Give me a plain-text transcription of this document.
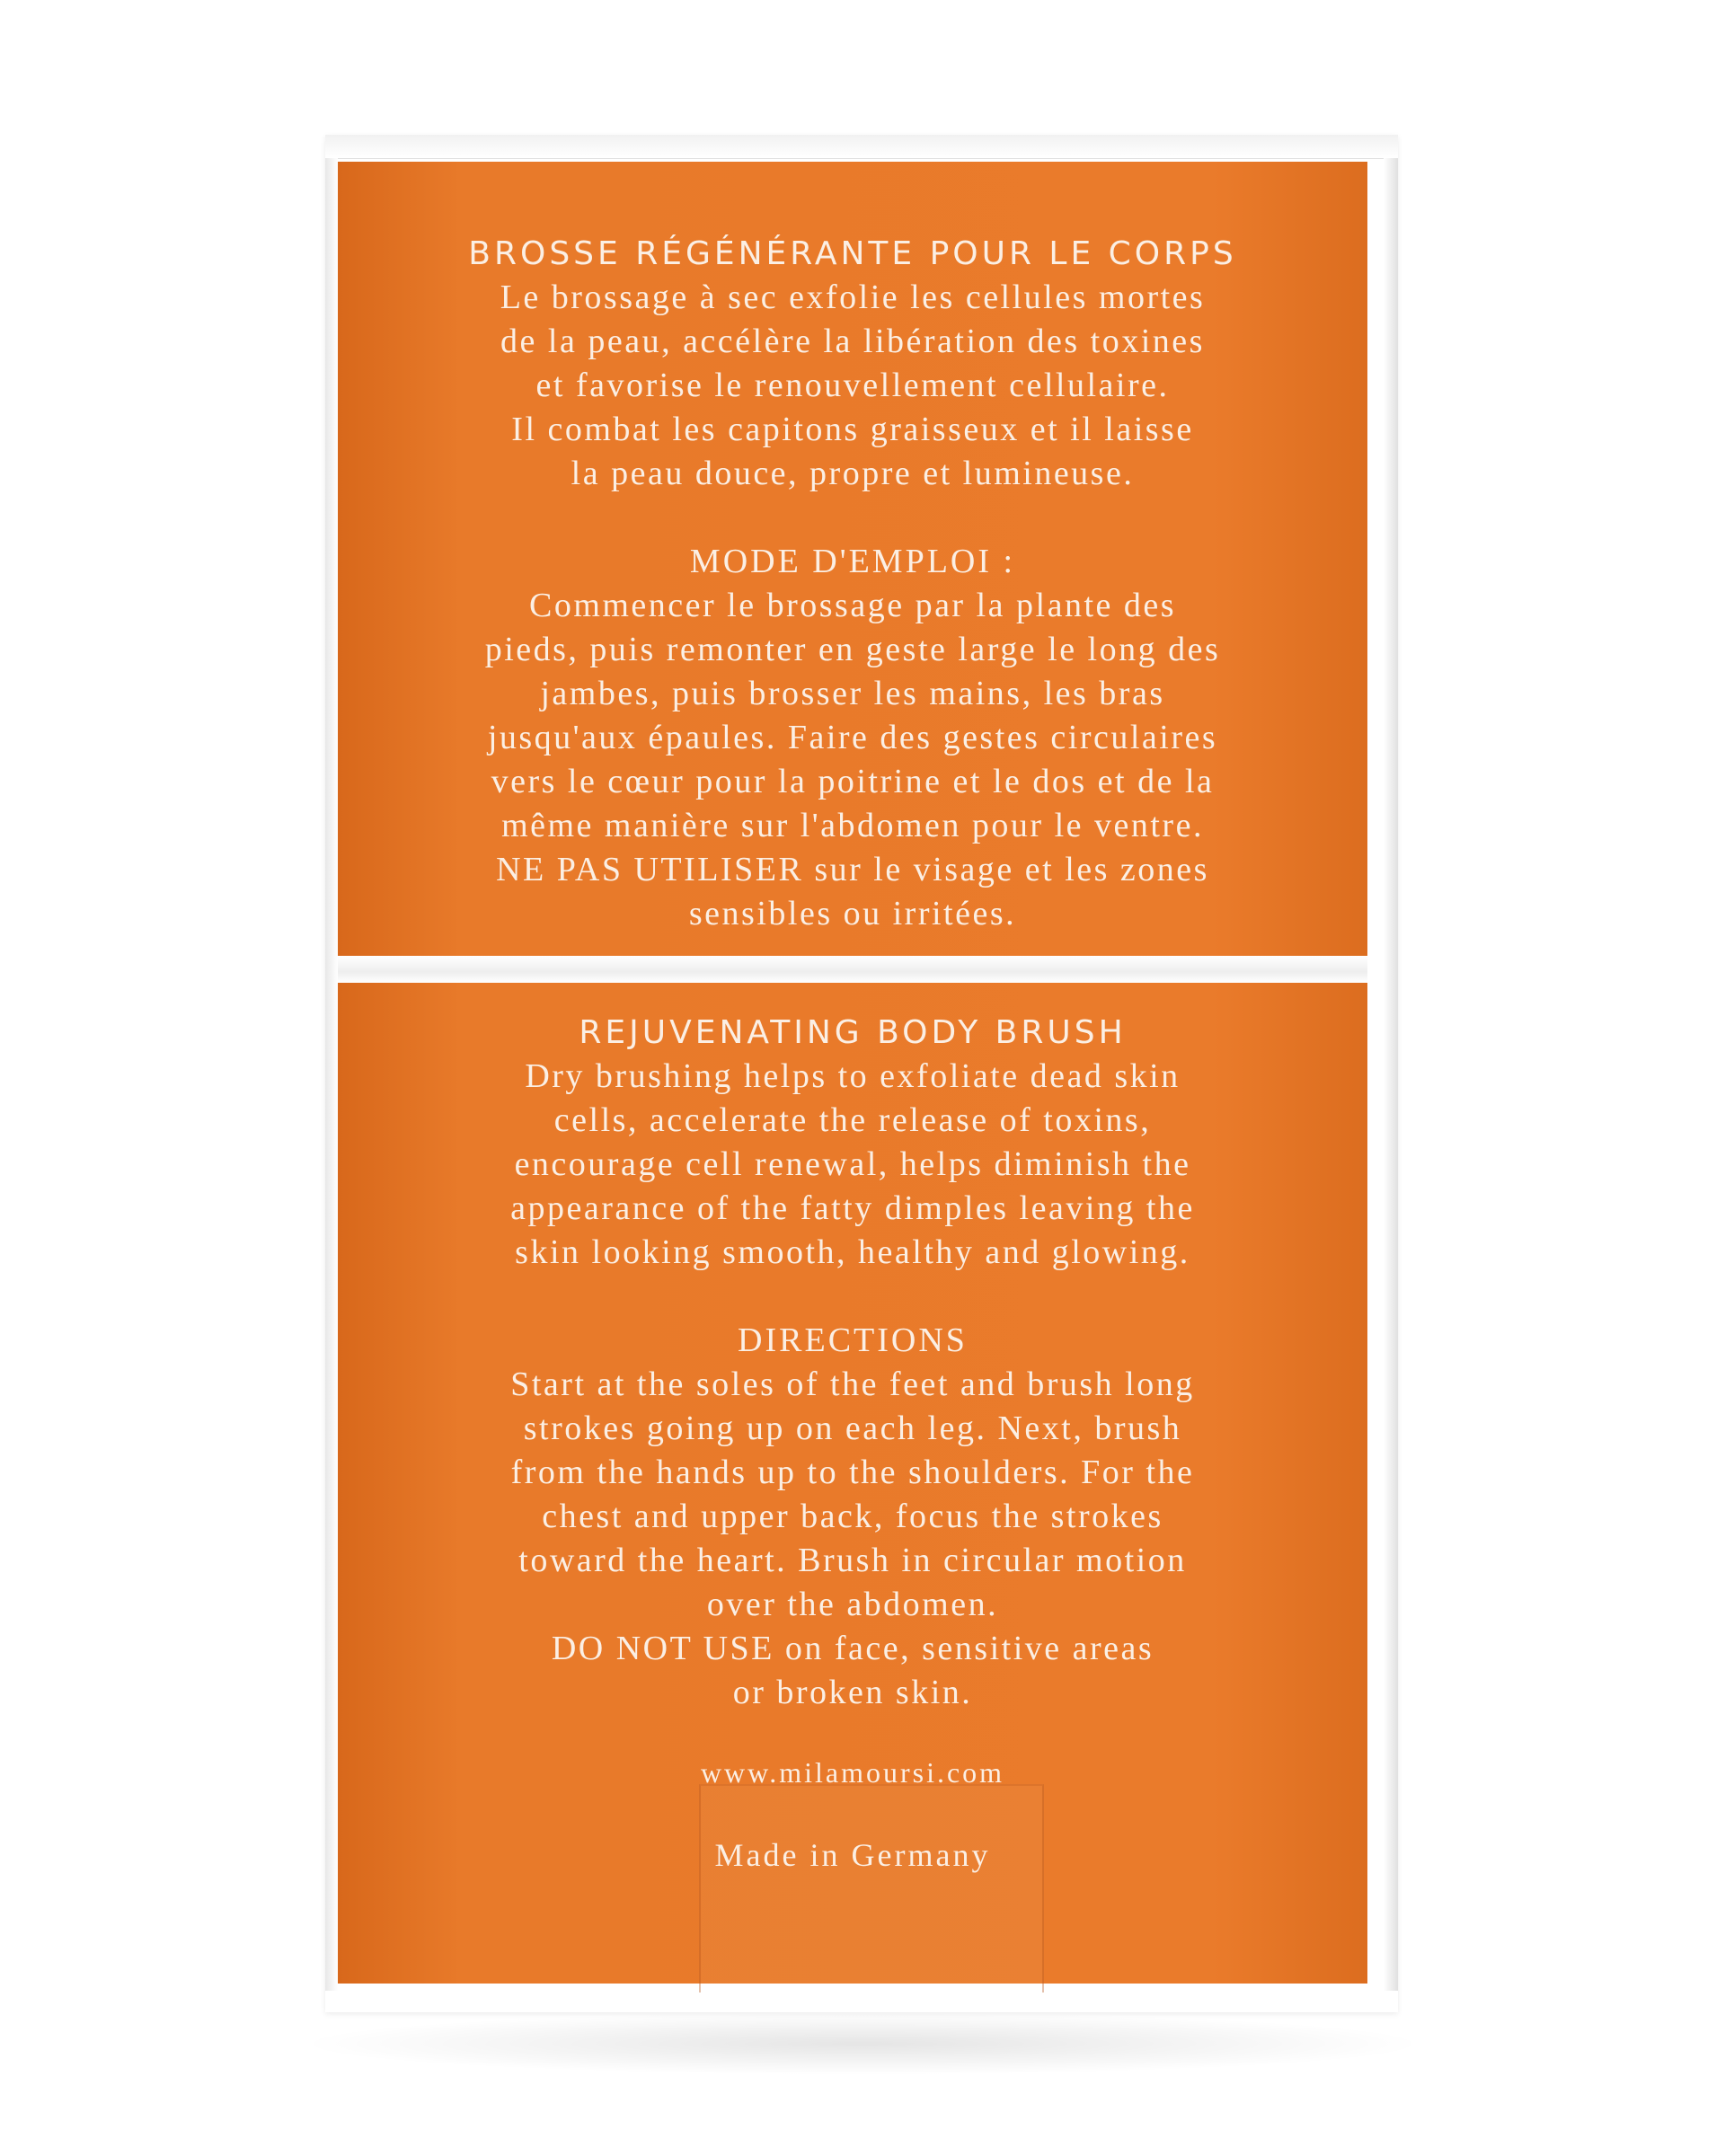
BROSSE RÉGÉNÉRANTE POUR LE CORPS
Le brossage à sec exfolie les cellules mortes
de la peau, accélère la libération des toxines
et favorise le renouvellement cellulaire.
Il combat les capitons graisseux et il laisse
la peau douce, propre et lumineuse.
MODE D'EMPLOI :
Commencer le brossage par la plante des
pieds, puis remonter en geste large le long des
jambes, puis brosser les mains, les bras
jusqu'aux épaules. Faire des gestes circulaires
vers le cœur pour la poitrine et le dos et de la
même manière sur l'abdomen pour le ventre.
NE PAS UTILISER sur le visage et les zones
sensibles ou irritées.
REJUVENATING BODY BRUSH
Dry brushing helps to exfoliate dead skin
cells, accelerate the release of toxins,
encourage cell renewal, helps diminish the
appearance of the fatty dimples leaving the
skin looking smooth, healthy and glowing.
DIRECTIONS
Start at the soles of the feet and brush long
strokes going up on each leg. Next, brush
from the hands up to the shoulders. For the
chest and upper back, focus the strokes
toward the heart. Brush in circular motion
over the abdomen.
DO NOT USE on face, sensitive areas
or broken skin.
www.milamoursi.com
Made in Germany
